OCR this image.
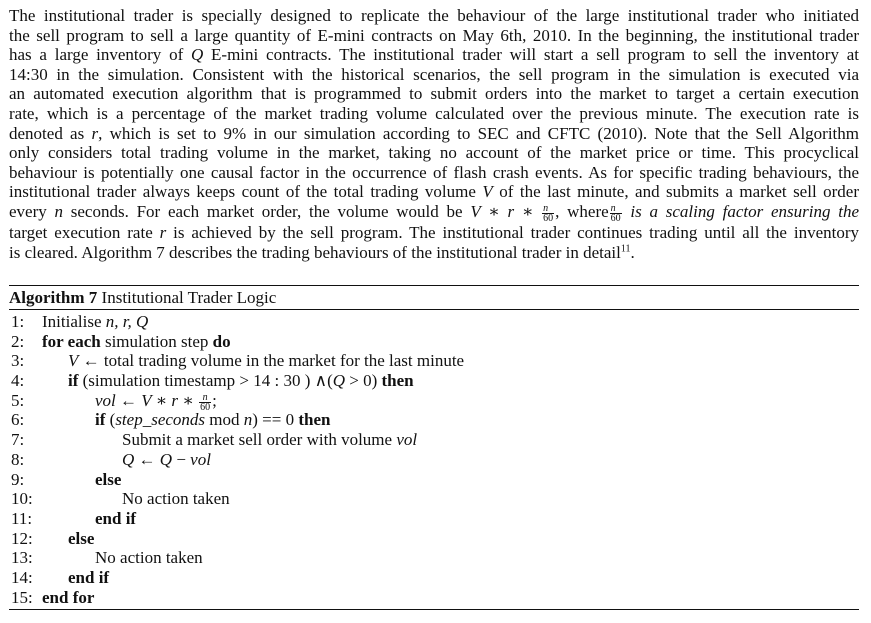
The institutional trader is specially designed to replicate the behaviour of the large institutional trader who initiated
the sell program to sell a large quantity of E-mini contracts on May 6th, 2010. In the beginning, the institutional trader
has a large inventory of Q E-mini contracts. The institutional trader will start a sell program to sell the inventory at
14:30 in the simulation. Consistent with the historical scenarios, the sell program in the simulation is executed via
an automated execution algorithm that is programmed to submit orders into the market to target a certain execution
rate, which is a percentage of the market trading volume calculated over the previous minute. The execution rate is
denoted as r, which is set to 9% in our simulation according to SEC and CFTC (2010). Note that the Sell Algorithm
only considers total trading volume in the market, taking no account of the market price or time. This procyclical
behaviour is potentially one causal factor in the occurrence of flash crash events. As for specific trading behaviours, the
institutional trader always keeps count of the total trading volume V of the last minute, and submits a market sell order
every n seconds. For each market order, the volume would be V ∗ r ∗ $\frac{n}{60}$ , where $\frac{n}{60}$ is a scaling factor ensuring the
target execution rate r is achieved by the sell program. The institutional trader continues trading until all the inventory
is cleared. Algorithm 7 describes the trading behaviours of the institutional trader in detail$^{11}$.
Algorithm 7 Institutional Trader Logic
1:	Initialise n, r, Q
2:	for each simulation step do
3:	V ← total trading volume in the market for the last minute
4:	if (simulation timestamp > 14 : 30 ) ∧(Q > 0) then
5:	vol ← V ∗ r ∗ $\frac{n}{60}$ ;
6:	if (step_seconds mod n) == 0 then
7:	Submit a market sell order with volume vol
8:	Q ← Q − vol
9:	else
10:	No action taken
11:	end if
12:	else
13:	No action taken
14:	end if
15: end for
